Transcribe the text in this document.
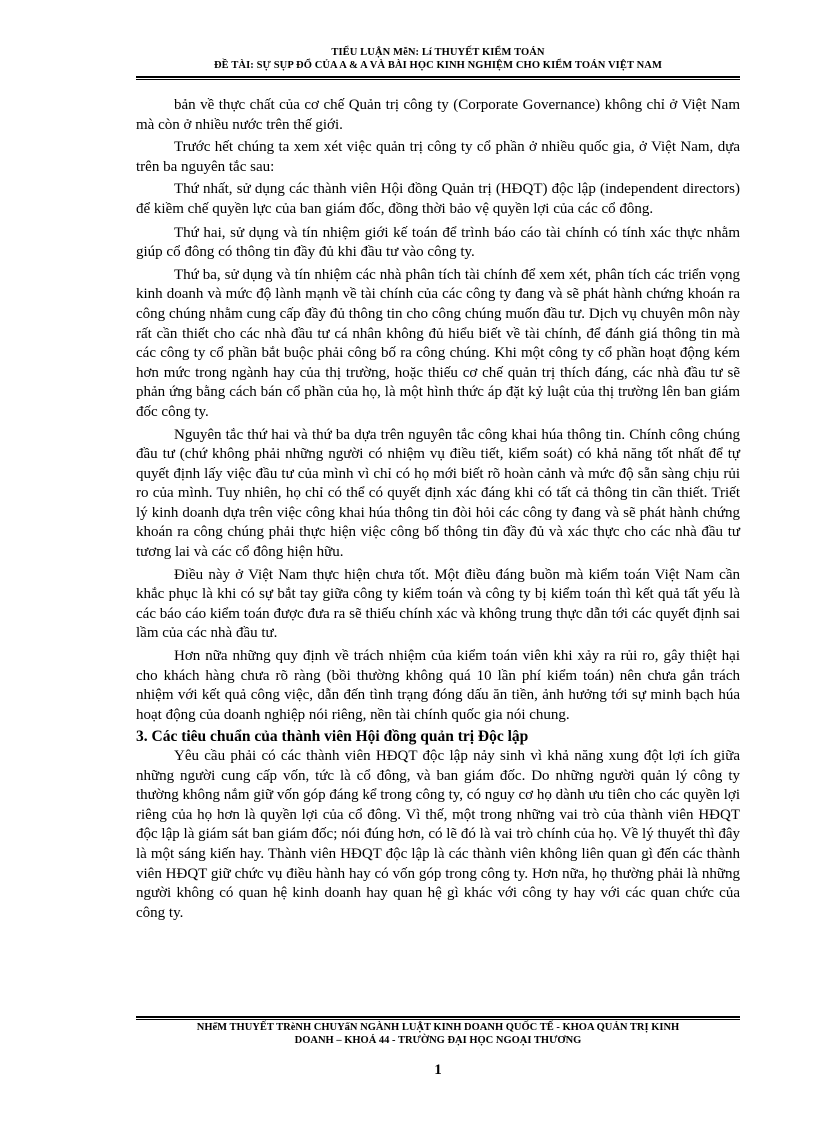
TIỂU LUẬN MễN: Lí THUYẾT KIỂM TOÁN
ĐỀ TÀI: SỰ SỤP ĐỔ CỦA A & A VÀ BÀI HỌC KINH NGHIỆM CHO KIỂM TOÁN VIỆT NAM

bản về thực chất của cơ chế Quản trị công ty (Corporate Governance) không chỉ ở Việt Nam mà còn ở nhiều nước trên thế giới.

Trước hết chúng ta xem xét việc quản trị công ty cổ phần ở nhiều quốc gia, ở Việt Nam, dựa trên ba nguyên tắc sau:

Thứ nhất, sử dụng các thành viên Hội đồng Quản trị (HĐQT) độc lập (independent directors) để kiềm chế quyền lực của ban giám đốc, đồng thời bảo vệ quyền lợi của các cổ đông.

Thứ hai, sử dụng và tín nhiệm giới kế toán để trình báo cáo tài chính có tính xác thực nhằm giúp cổ đông có thông tin đầy đủ khi đầu tư vào công ty.

Thứ ba, sử dụng và tín nhiệm các nhà phân tích tài chính để xem xét, phân tích các triển vọng kinh doanh và mức độ lành mạnh về tài chính của các công ty đang và sẽ phát hành chứng khoán ra công chúng nhằm cung cấp đầy đủ thông tin cho công chúng muốn đầu tư. Dịch vụ chuyên môn này rất cần thiết cho các nhà đầu tư cá nhân không đủ hiểu biết về tài chính, để đánh giá thông tin mà các công ty cổ phần bắt buộc phải công bố ra công chúng. Khi một công ty cổ phần hoạt động kém hơn mức trong ngành hay của thị trường, hoặc thiếu cơ chế quản trị thích đáng, các nhà đầu tư sẽ phản ứng bằng cách bán cổ phần của họ, là một hình thức áp đặt kỷ luật của thị trường lên ban giám đốc công ty.

Nguyên tắc thứ hai và thứ ba dựa trên nguyên tắc công khai húa thông tin. Chính công chúng đầu tư (chứ không phải những người có nhiệm vụ điều tiết, kiểm soát) có khả năng tốt nhất để tự quyết định lấy việc đầu tư của mình vì chỉ có họ mới biết rõ hoàn cảnh và mức độ sẵn sàng chịu rủi ro của mình. Tuy nhiên, họ chỉ có thể có quyết định xác đáng khi có tất cả thông tin cần thiết. Triết lý kinh doanh dựa trên việc công khai húa thông tin đòi hỏi các công ty đang và sẽ phát hành chứng khoán ra công chúng phải thực hiện việc công bố thông tin đầy đủ và xác thực cho các nhà đầu tư tương lai và các cổ đông hiện hữu.

Điều này ở Việt Nam thực hiện chưa tốt. Một điều đáng buồn mà kiểm toán Việt Nam cần khắc phục là khi có sự bắt tay giữa công ty kiểm toán và công ty bị kiểm toán thì kết quả tất yếu là các báo cáo kiểm toán được đưa ra sẽ thiếu chính xác và không trung thực dẫn tới các quyết định sai lầm của các nhà đầu tư.

Hơn nữa những quy định về trách nhiệm của kiểm toán viên khi xảy ra rủi ro, gây thiệt hại cho khách hàng chưa rõ ràng (bồi thường không quá 10 lần phí kiểm toán) nên chưa gắn trách nhiệm với kết quả công việc, dẫn đến tình trạng đóng dấu ăn tiền, ảnh hưởng tới sự minh bạch húa hoạt động của doanh nghiệp nói riêng, nền tài chính quốc gia nói chung.

3. Các tiêu chuẩn của thành viên Hội đồng quản trị Độc lập

Yêu cầu phải có các thành viên HĐQT độc lập nảy sinh vì khả năng xung đột lợi ích giữa những người cung cấp vốn, tức là cổ đông, và ban giám đốc. Do những người quản lý công ty thường không nắm giữ vốn góp đáng kể trong công ty, có nguy cơ họ dành ưu tiên cho các quyền lợi riêng của họ hơn là quyền lợi của cổ đông. Vì thế, một trong những vai trò của thành viên HĐQT độc lập là giám sát ban giám đốc; nói đúng hơn, có lẽ đó là vai trò chính của họ. Về lý thuyết thì đây là một sáng kiến hay. Thành viên HĐQT độc lập là các thành viên không liên quan gì đến các thành viên HĐQT giữ chức vụ điều hành hay có vốn góp trong công ty. Hơn nữa, họ thường phải là những người không có quan hệ kinh doanh hay quan hệ gì khác với công ty hay với các quan chức của công ty.

NHểM THUYẾT TRèNH CHUYấN NGÀNH LUẬT KINH DOANH QUỐC TẾ - KHOA QUẢN TRỊ KINH
DOANH – KHOÁ 44 - TRƯỜNG ĐẠI HỌC NGOẠI THƯƠNG
1
